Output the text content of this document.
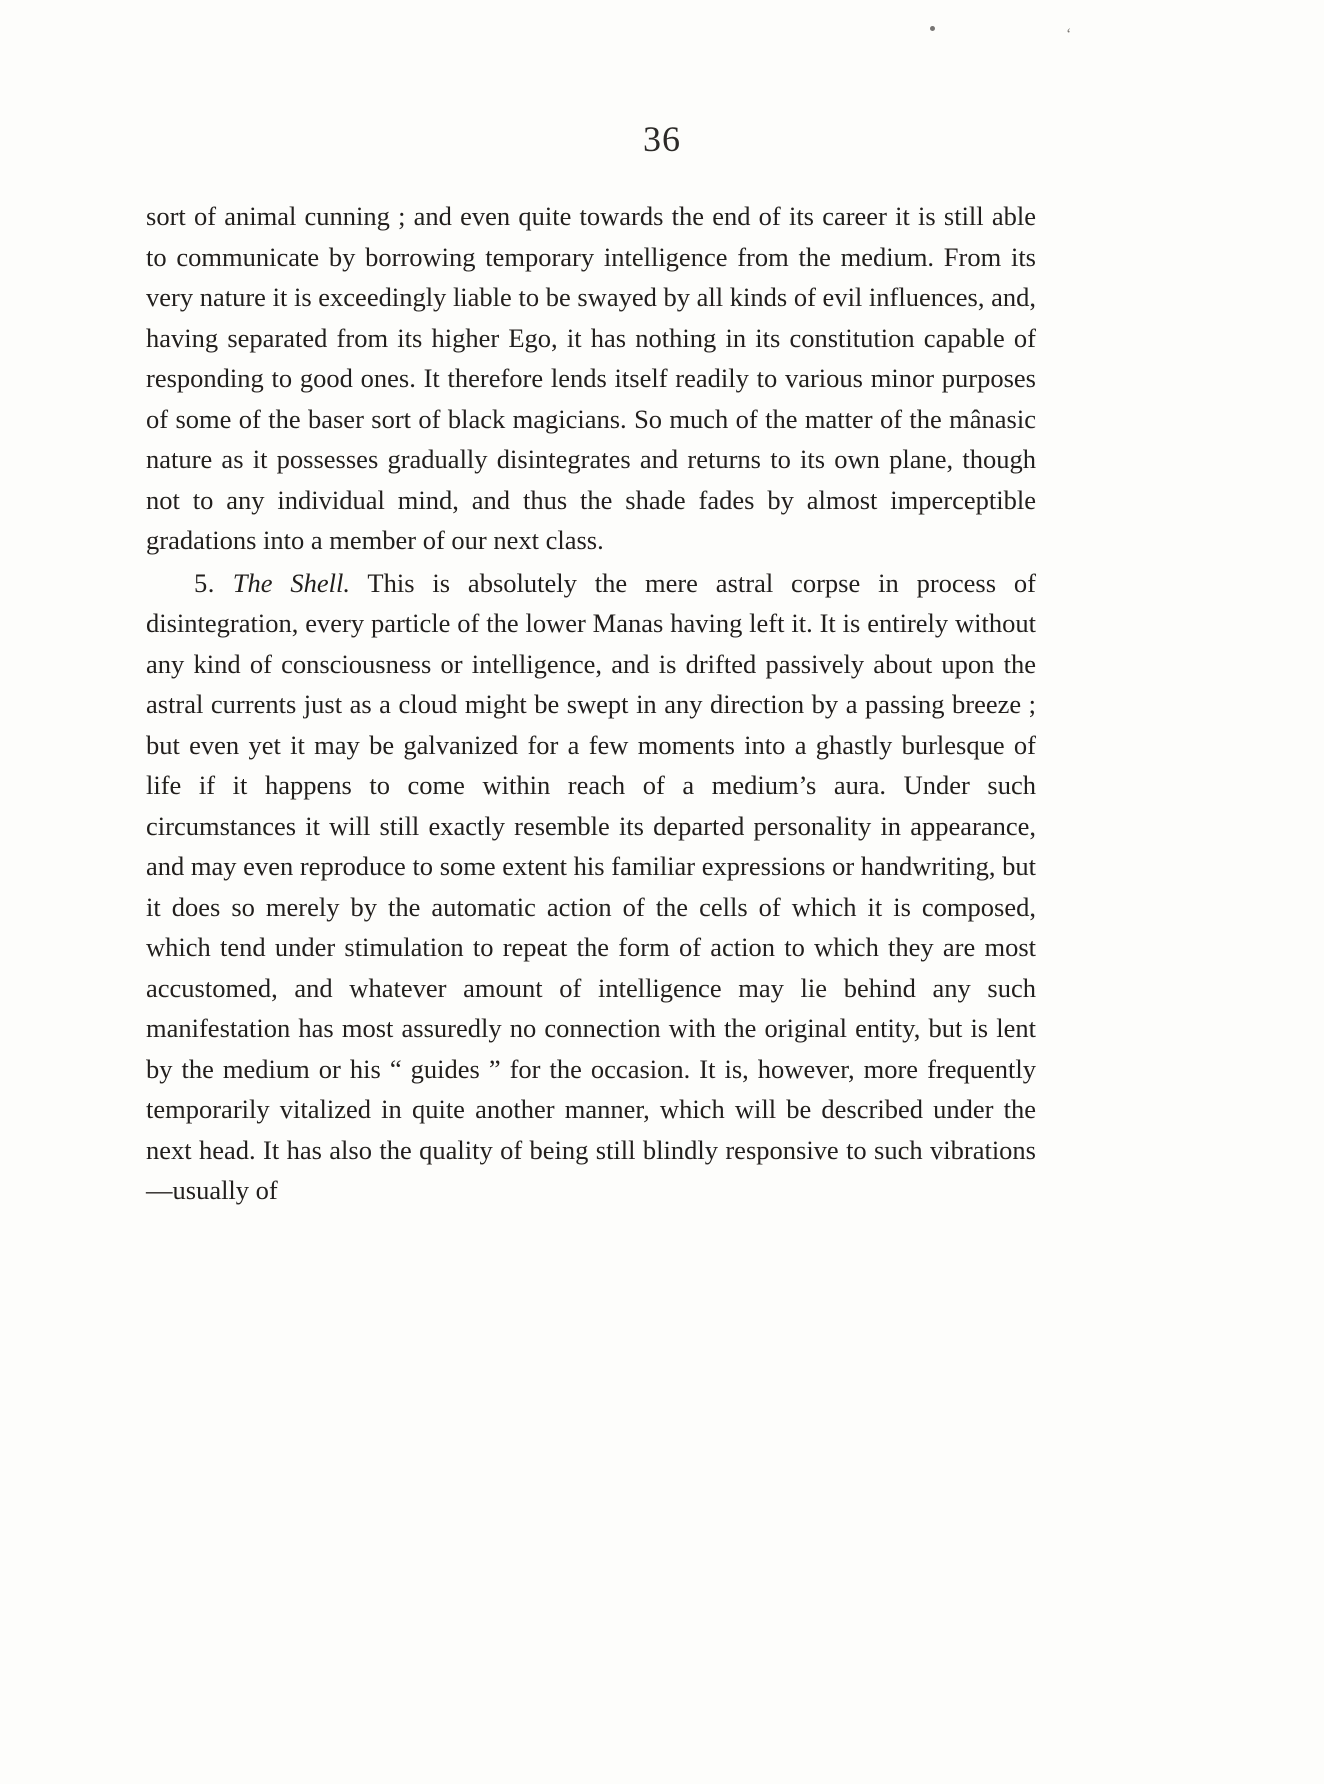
‘
36

sort of animal cunning ; and even quite towards the end of its career it is still able to communicate by borrowing temporary intelligence from the medium. From its very nature it is exceedingly liable to be swayed by all kinds of evil influences, and, having separated from its higher Ego, it has nothing in its constitution capable of responding to good ones. It therefore lends itself readily to various minor purposes of some of the baser sort of black magicians. So much of the matter of the mânasic nature as it possesses gradually disintegrates and returns to its own plane, though not to any individual mind, and thus the shade fades by almost imperceptible gradations into a member of our next class.

5. The Shell. This is absolutely the mere astral corpse in process of disintegration, every particle of the lower Manas having left it. It is entirely without any kind of consciousness or intelligence, and is drifted passively about upon the astral currents just as a cloud might be swept in any direction by a passing breeze ; but even yet it may be galvanized for a few moments into a ghastly burlesque of life if it happens to come within reach of a medium’s aura. Under such circumstances it will still exactly resemble its departed personality in appearance, and may even reproduce to some extent his familiar expressions or handwriting, but it does so merely by the automatic action of the cells of which it is composed, which tend under stimulation to repeat the form of action to which they are most accustomed, and whatever amount of intelligence may lie behind any such manifestation has most assuredly no connection with the original entity, but is lent by the medium or his “ guides ” for the occasion. It is, however, more frequently temporarily vitalized in quite another manner, which will be described under the next head. It has also the quality of being still blindly responsive to such vibrations—usually of
